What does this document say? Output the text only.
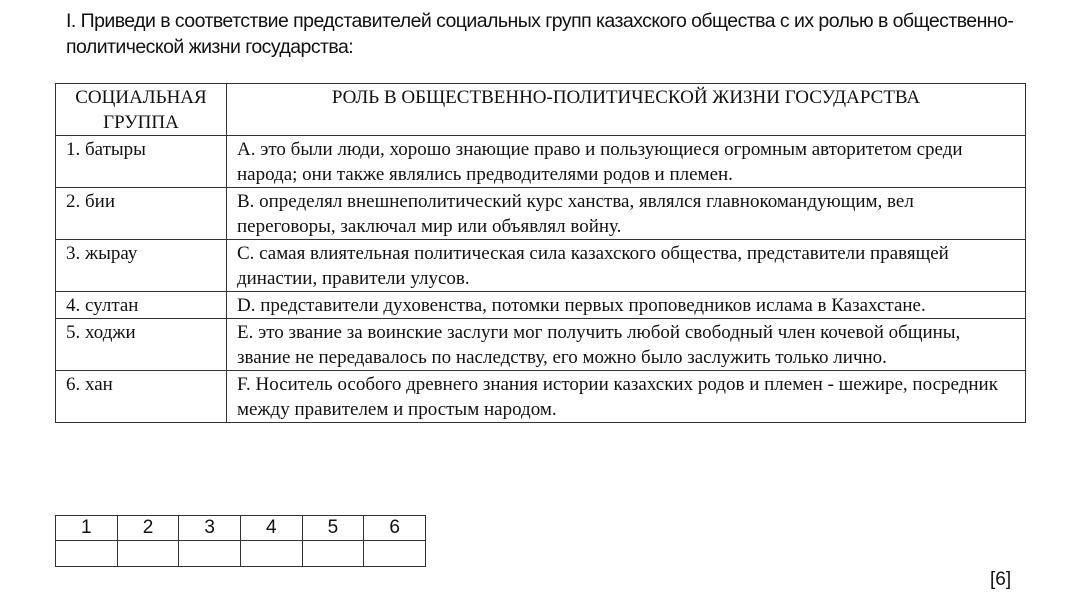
I. Приведи в соответствие представителей социальных групп казахского общества с их ролью в общественно-политической жизни государства:
СОЦИАЛЬНАЯ ГРУППА	РОЛЬ В ОБЩЕСТВЕННО-ПОЛИТИЧЕСКОЙ ЖИЗНИ ГОСУДАРСТВА
1. батыры	A. это были люди, хорошо знающие право и пользующиеся огромным авторитетом среди народа; они также являлись предводителями родов и племен.
2. бии	B. определял внешнеполитический курс ханства, являлся главнокомандующим, вел переговоры, заключал мир или объявлял войну.
3. жырау	C. самая влиятельная политическая сила казахского общества, представители правящей династии, правители улусов.
4. султан	D. представители духовенства, потомки первых проповедников ислама в Казахстане.
5. ходжи	E. это звание за воинские заслуги мог получить любой свободный член кочевой общины, звание не передавалось по наследству, его можно было заслужить только лично.
6. хан	F. Носитель особого древнего знания истории казахских родов и племен - шежире, посредник между правителем и простым народом.
1	2	3	4	5	6

[6]
